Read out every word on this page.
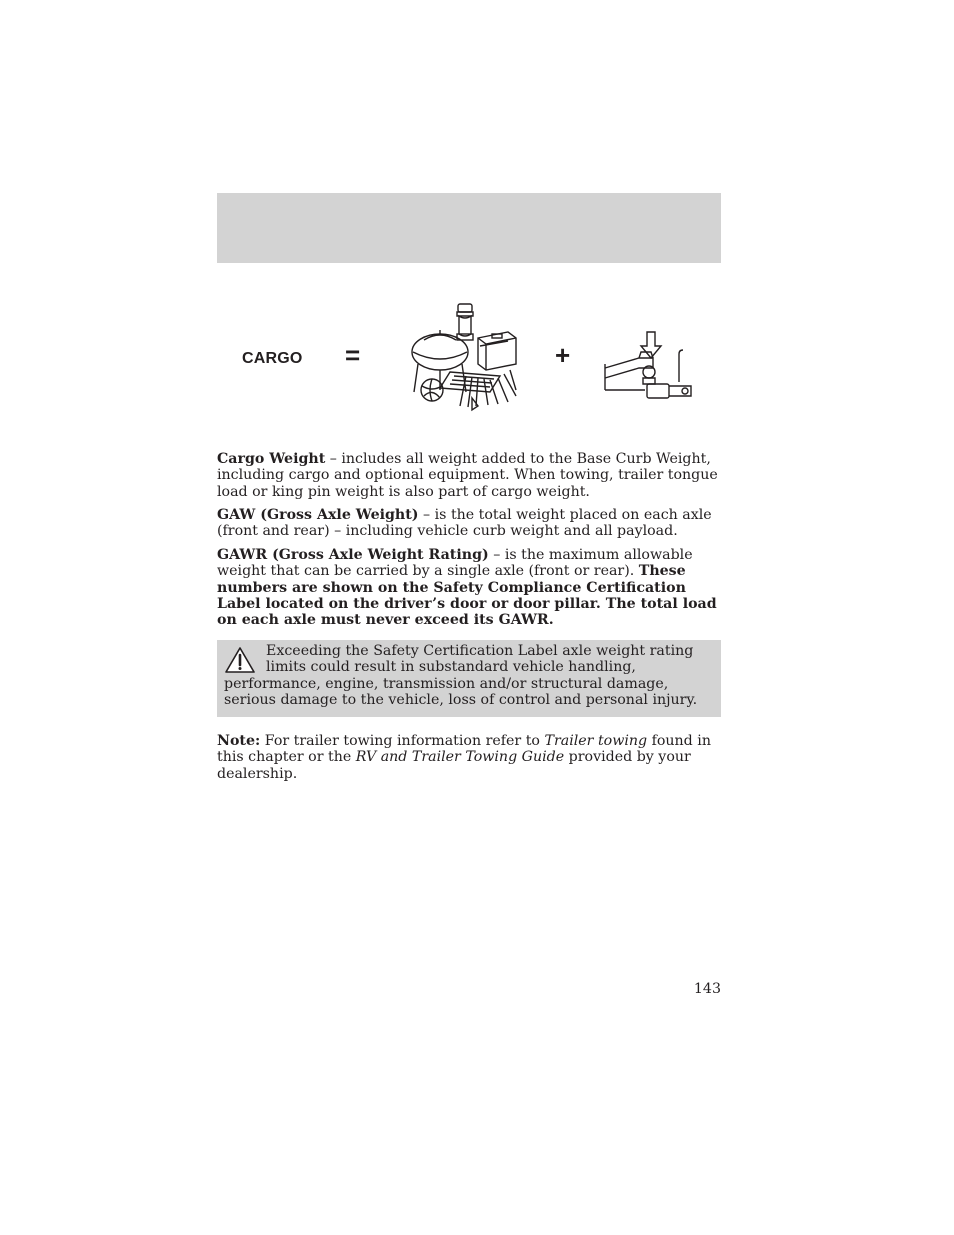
CARGO =	+

Cargo Weight – includes all weight added to the Base Curb Weight, including cargo and optional equipment. When towing, trailer tongue load or king pin weight is also part of cargo weight.

GAW (Gross Axle Weight) – is the total weight placed on each axle (front and rear) – including vehicle curb weight and all payload.

GAWR (Gross Axle Weight Rating) – is the maximum allowable weight that can be carried by a single axle (front or rear). These numbers are shown on the Safety Compliance Certification Label located on the driver’s door or door pillar. The total load on each axle must never exceed its GAWR.

Exceeding the Safety Certification Label axle weight rating limits could result in substandard vehicle handling, performance, engine, transmission and/or structural damage, serious damage to the vehicle, loss of control and personal injury.

Note: For trailer towing information refer to Trailer towing found in this chapter or the RV and Trailer Towing Guide provided by your dealership.

143
